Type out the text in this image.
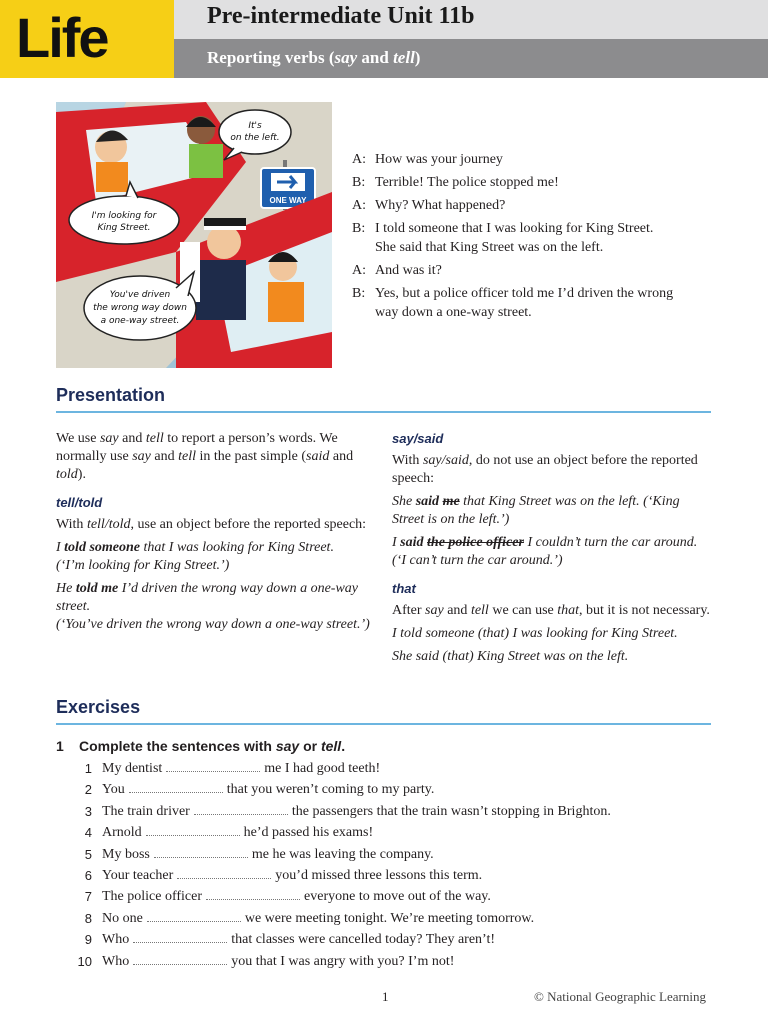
Life	Pre-intermediate Unit 11b
Reporting verbs (say and tell)
ONE WAY
It's
on the left.
I'm looking for
King Street.
You've driven
the wrong way down
a one-way street.
A: How was your journey
B: Terrible! The police stopped me!
A: Why? What happened?
B: I told someone that I was looking for King Street.
She said that King Street was on the left.
A: And was it?
B: Yes, but a police officer told me I’d driven the wrong
way down a one-way street.
Presentation

We use say and tell to report a person’s words. We normally use say and tell in the past simple (said and told).

tell/told

With tell/told, use an object before the reported speech:

I told someone that I was looking for King Street.
(‘I’m looking for King Street.’)

He told me I’d driven the wrong way down a one-way street.
(‘You’ve driven the wrong way down a one-way street.’)

say/said

With say/said, do not use an object before the reported speech:

She said me that King Street was on the left. (‘King Street is on the left.’)

I said the police officer I couldn’t turn the car around.
(‘I can’t turn the car around.’)

that

After say and tell we can use that, but it is not necessary.

I told someone (that) I was looking for King Street.

She said (that) King Street was on the left.

Exercises
1 Complete the sentences with say or tell.
1 My dentist	me I had good teeth!
2 You	that you weren’t coming to my party.
3 The train driver	the passengers that the train wasn’t stopping in Brighton.
4 Arnold	he’d passed his exams!
5 My boss	me he was leaving the company.
6 Your teacher	you’d missed three lessons this term.
7 The police officer	everyone to move out of the way.
8 No one	we were meeting tonight. We’re meeting tomorrow.
9 Who	that classes were cancelled today? They aren’t!
10 Who	you that I was angry with you? I’m not!
1	© National Geographic Learning
